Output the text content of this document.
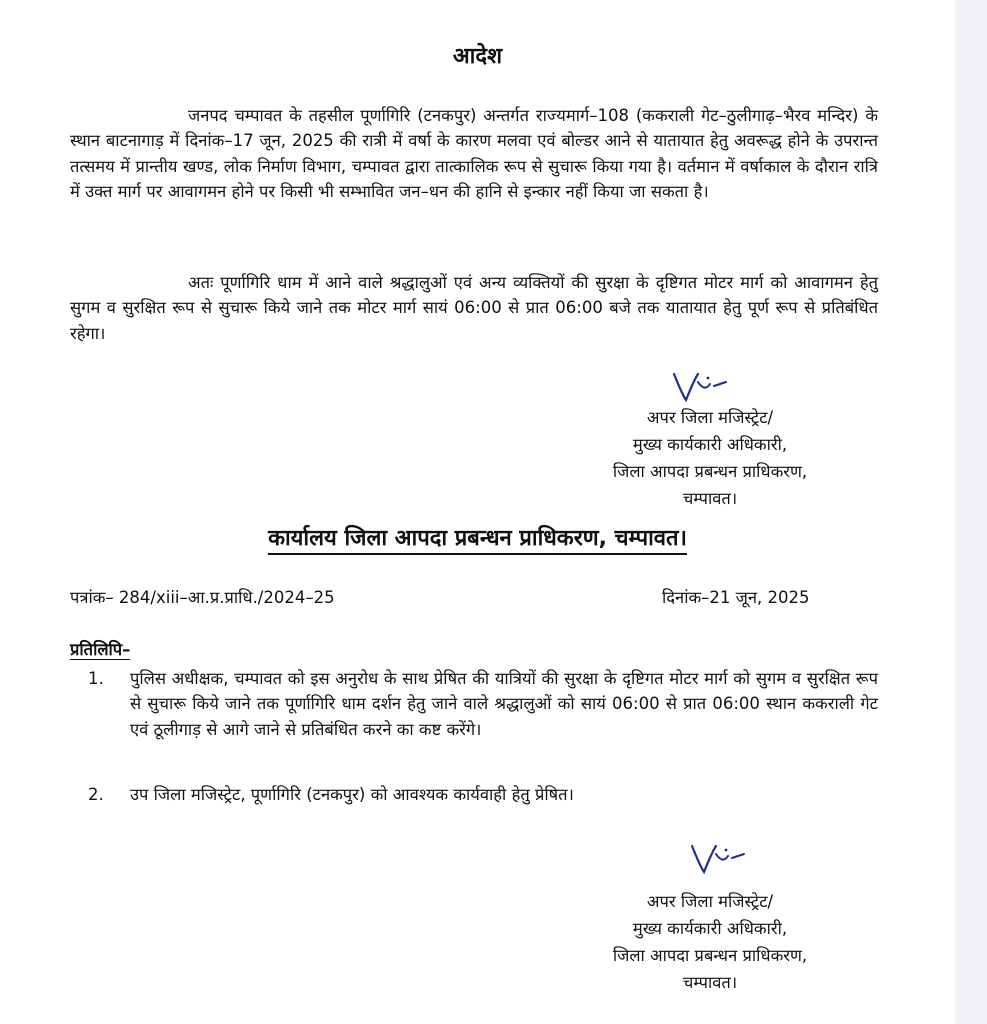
आदेश

जनपद चम्पावत के तहसील पूर्णागिरि (टनकपुर) अन्तर्गत राज्यमार्ग–108 (ककराली गेट–ठुलीगाढ़–भैरव मन्दिर) के स्थान बाटनागाड़ में दिनांक–17 जून, 2025 की रात्री में वर्षा के कारण मलवा एवं बोल्डर आने से यातायात हेतु अवरूद्ध होने के उपरान्त तत्समय में प्रान्तीय खण्ड, लोक निर्माण विभाग, चम्पावत द्वारा तात्कालिक रूप से सुचारू किया गया है। वर्तमान में वर्षाकाल के दौरान रात्रि में उक्त मार्ग पर आवागमन होने पर किसी भी सम्भावित जन–धन की हानि से इन्कार नहीं किया जा सकता है।

अतः पूर्णागिरि धाम में आने वाले श्रद्धालुओं एवं अन्य व्यक्तियों की सुरक्षा के दृष्टिगत मोटर मार्ग को आवागमन हेतु सुगम व सुरक्षित रूप से सुचारू किये जाने तक मोटर मार्ग सायं 06:00 से प्रात 06:00 बजे तक यातायात हेतु पूर्ण रूप से प्रतिबंधित रहेगा।

अपर जिला मजिस्ट्रेट/
मुख्य कार्यकारी अधिकारी,
जिला आपदा प्रबन्धन प्राधिकरण,
चम्पावत।
कार्यालय जिला आपदा प्रबन्धन प्राधिकरण, चम्पावत।
पत्रांक– 284/xiii–आ.प्र.प्राधि./2024–25	दिनांक–21 जून, 2025
प्रतिलिपि–
1. पुलिस अधीक्षक, चम्पावत को इस अनुरोध के साथ प्रेषित की यात्रियों की सुरक्षा के दृष्टिगत मोटर मार्ग को सुगम व सुरक्षित रूप से सुचारू किये जाने तक पूर्णागिरि धाम दर्शन हेतु जाने वाले श्रद्धालुओं को सायं 06:00 से प्रात 06:00 स्थान ककराली गेट एवं ठूलीगाड़ से आगे जाने से प्रतिबंधित करने का कष्ट करेंगे।
2. उप जिला मजिस्ट्रेट, पूर्णागिरि (टनकपुर) को आवश्यक कार्यवाही हेतु प्रेषित।
अपर जिला मजिस्ट्रेट/
मुख्य कार्यकारी अधिकारी,
जिला आपदा प्रबन्धन प्राधिकरण,
चम्पावत।
